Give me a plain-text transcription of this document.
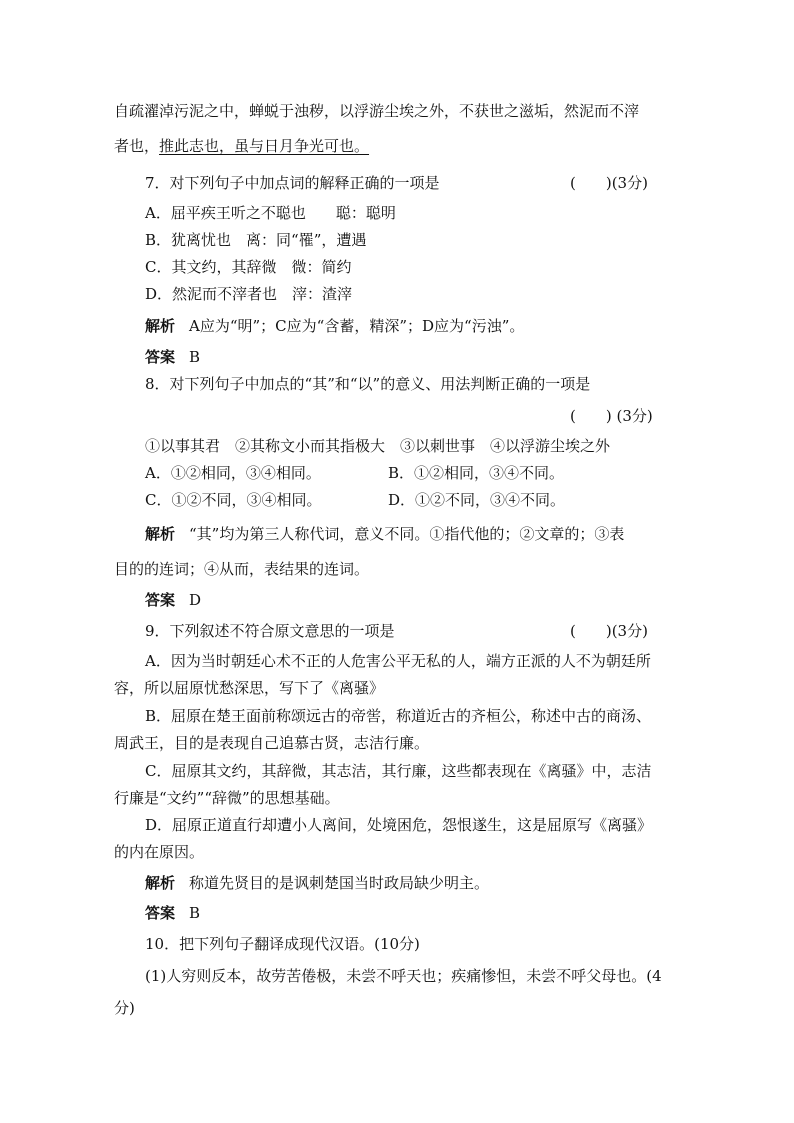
自疏濯淖污泥之中，蝉蜕于浊秽，以浮游尘埃之外，不获世之滋垢，然泥而不滓
者也，推此志也，虽与日月争光可也。
7．对下列句子中加点词的解释正确的一项是	(　　)(3分)
A．屈平疾王听之不聪也　　聪：聪明
B．犹离忧也　离：同“罹”，遭遇
C．其文约，其辞微　微：简约
D．然泥而不滓者也　滓：渣滓
解析 A应为“明”；C应为“含蓄，精深”；D应为“污浊”。
答案 B
8．对下列句子中加点的“其”和“以”的意义、用法判断正确的一项是
(　　) (3分)
①以事其君　②其称文小而其指极大　③以刺世事　④以浮游尘埃之外
A．①②相同，③④相同。	B．①②相同，③④不同。
C．①②不同，③④相同。	D．①②不同，③④不同。
解析 “其”均为第三人称代词，意义不同。①指代他的；②文章的；③表
目的的连词；④从而，表结果的连词。
答案 D
9．下列叙述不符合原文意思的一项是	(　　)(3分)
A．因为当时朝廷心术不正的人危害公平无私的人，端方正派的人不为朝廷所
容，所以屈原忧愁深思，写下了《离骚》
B．屈原在楚王面前称颂远古的帝喾，称道近古的齐桓公，称述中古的商汤、
周武王，目的是表现自己追慕古贤，志洁行廉。
C．屈原其文约，其辞微，其志洁，其行廉，这些都表现在《离骚》中，志洁
行廉是“文约”“辞微”的思想基础。
D．屈原正道直行却遭小人离间，处境困危，怨恨遂生，这是屈原写《离骚》
的内在原因。
解析 称道先贤目的是讽刺楚国当时政局缺少明主。
答案 B
10．把下列句子翻译成现代汉语。(10分)
(1)人穷则反本，故劳苦倦极，未尝不呼天也；疾痛惨怛，未尝不呼父母也。(4
分)
